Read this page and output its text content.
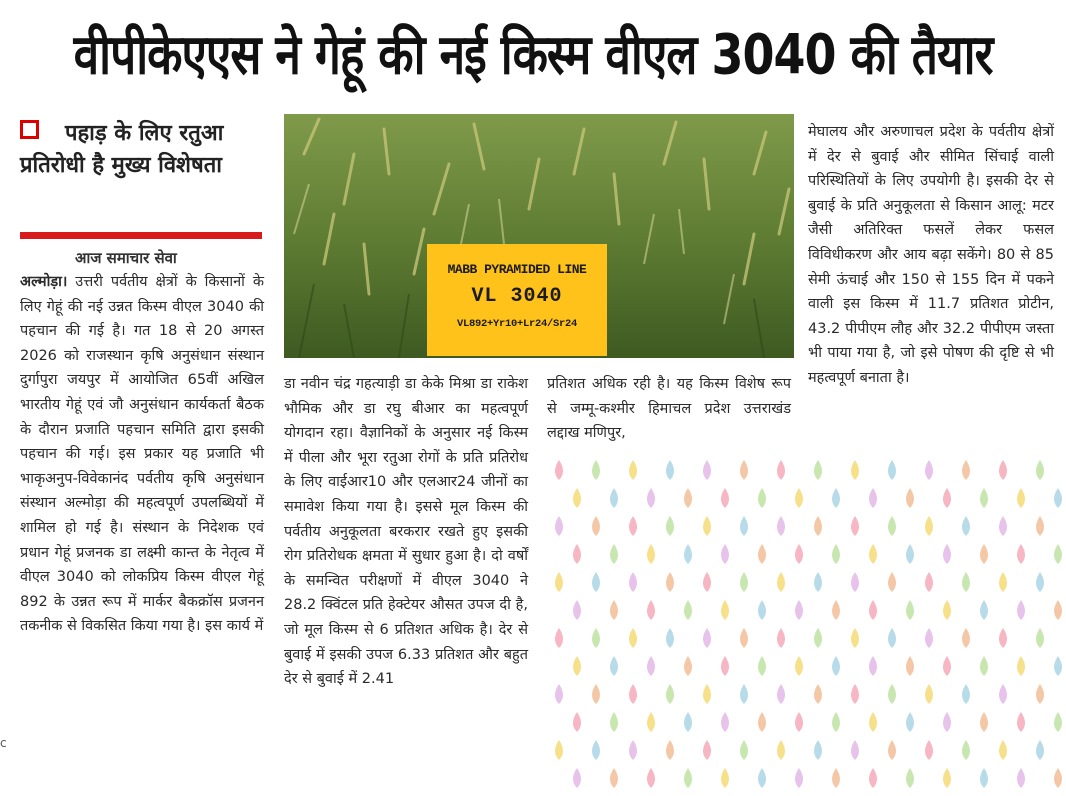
वीपीकेएएस ने गेहूं की नई किस्म वीएल 3040 की तैयार
पहाड़ के लिए रतुआ प्रतिरोधी है मुख्य विशेषता
आज समाचार सेवा

अल्मोड़ा। उत्तरी पर्वतीय क्षेत्रों के किसानों के लिए गेहूं की नई उन्नत किस्म वीएल 3040 की पहचान की गई है। गत 18 से 20 अगस्त 2026 को राजस्थान कृषि अनुसंधान संस्थान दुर्गापुरा जयपुर में आयोजित 65वीं अखिल भारतीय गेहूं एवं जौ अनुसंधान कार्यकर्ता बैठक के दौरान प्रजाति पहचान समिति द्वारा इसकी पहचान की गई। इस प्रकार यह प्रजाति भी भाकृअनुप-विवेकानंद पर्वतीय कृषि अनुसंधान संस्थान अल्मोड़ा की महत्वपूर्ण उपलब्धियों में शामिल हो गई है। संस्थान के निदेशक एवं प्रधान गेहूं प्रजनक डा लक्ष्मी कान्त के नेतृत्व में वीएल 3040 को लोकप्रिय किस्म वीएल गेहूं 892 के उन्नत रूप में मार्कर बैकक्रॉस प्रजनन तकनीक से विकसित किया गया है। इस कार्य में

MABB PYRAMIDED LINE
VL 3040
VL892+Yr10+Lr24/Sr24
डा नवीन चंद्र गहत्याड़ी डा केके मिश्रा डा राकेश भौमिक और डा रघु बीआर का महत्वपूर्ण योगदान रहा। वैज्ञानिकों के अनुसार नई किस्म में पीला और भूरा रतुआ रोगों के प्रति प्रतिरोध के लिए वाईआर10 और एलआर24 जीनों का समावेश किया गया है। इससे मूल किस्म की पर्वतीय अनुकूलता बरकरार रखते हुए इसकी रोग प्रतिरोधक क्षमता में सुधार हुआ है। दो वर्षों के समन्वित परीक्षणों में वीएल 3040 ने 28.2 क्विंटल प्रति हेक्टेयर औसत उपज दी है, जो मूल किस्म से 6 प्रतिशत अधिक है। देर से बुवाई में इसकी उपज 6.33 प्रतिशत और बहुत देर से बुवाई में 2.41
प्रतिशत अधिक रही है। यह किस्म विशेष रूप से जम्मू-कश्मीर हिमाचल प्रदेश उत्तराखंड लद्दाख मणिपुर,
मेघालय और अरुणाचल प्रदेश के पर्वतीय क्षेत्रों में देर से बुवाई और सीमित सिंचाई वाली परिस्थितियों के लिए उपयोगी है। इसकी देर से बुवाई के प्रति अनुकूलता से किसान आलू: मटर जैसी अतिरिक्त फसलें लेकर फसल विविधीकरण और आय बढ़ा सकेंगे। 80 से 85 सेमी ऊंचाई और 150 से 155 दिन में पकने वाली इस किस्म में 11.7 प्रतिशत प्रोटीन, 43.2 पीपीएम लौह और 32.2 पीपीएम जस्ता भी पाया गया है, जो इसे पोषण की दृष्टि से भी महत्वपूर्ण बनाता है।
c
